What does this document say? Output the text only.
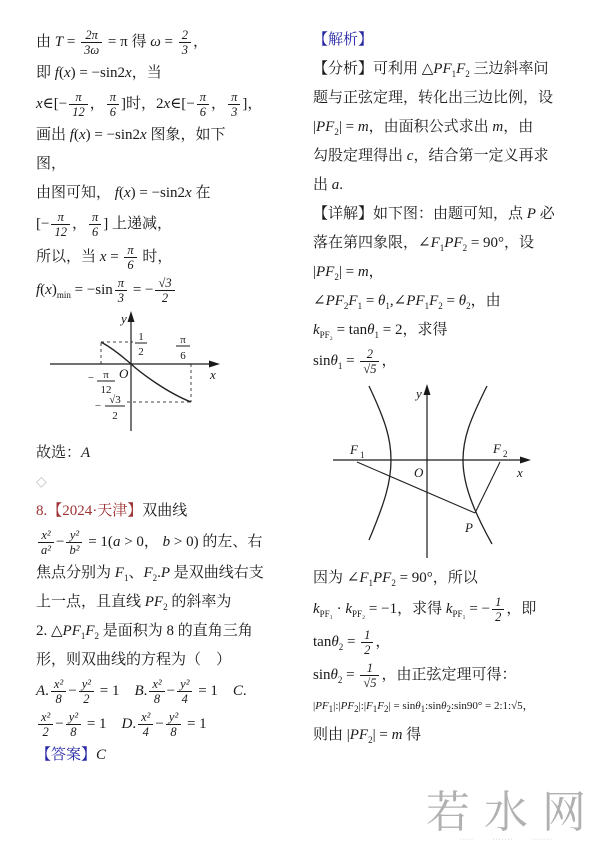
由 $T = \frac{2\pi}{3\omega} = \pi$ 得 $\omega = \frac{2}{3}$ ，
即 f(x) = −sin2x，当
x∈[− $\frac{\pi}{12}$ ， $\frac{\pi}{6}$ ]时，2x∈[− $\frac{\pi}{6}$ ， $\frac{\pi}{3}$ ]，
画出 f(x) = −sin2x 图象，如下
图，
由图可知， f(x) = −sin2x 在
[− $\frac{\pi}{12}$ ， $\frac{\pi}{6}$ ] 上递减，
所以，当 $x = \frac{\pi}{6}$ 时，
$f(x)_{min} = -\sin \frac{\pi}{3}$ = − $\frac{√3}{2}$
y
x
O
1
2
π
6
− π
12
− √3
2
故选：A
◇
8.【2024·天津】双曲线
$\frac{\text{x²}}{\text{a²}} - \frac{\text{y²}}{\text{b²}} = 1(a > 0$， b > 0) 的左、右
焦点分别为 $F_1$、$F_2.P$ 是双曲线右支
上一点，且直线 $PF_2$ 的斜率为
2. $\triangle PF_1F_2$ 是面积为 8 的直角三角
形，则双曲线的方程为（　）
A. $\frac{\text{x²}}{8} - \frac{\text{y²}}{2} = 1$　B. $\frac{\text{x²}}{8} - \frac{\text{y²}}{4} = 1$　C.
$\frac{\text{x²}}{2} - \frac{\text{y²}}{8} = 1$　D. $\frac{\text{x²}}{4} - \frac{\text{y²}}{8} = 1$
【答案】C
【解析】
【分析】可利用 $\triangle PF_1F_2$ 三边斜率问
题与正弦定理，转化出三边比例，设
$|PF_2| = m$，由面积公式求出 m，由
勾股定理得出 c，结合第一定义再求
出 a.
【详解】如下图：由题可知，点 P 必
落在第四象限，$\angle F_1PF_2 = 90^\circ$，设
$|PF_2| = m$，
$\angle PF_2F_1$ = $\theta_1,\angle PF_1F_2 = \theta_2$，由
$k_{PF_2} = \tan\theta_1 = 2$，求得
$\sin\theta_1 = \frac{2}{√5}$ ，
y
x
O
F 1	F 2
P
因为 $\angle F_1PF_2 = 90^\circ$，所以
$k_{PF_1} \cdot k_{PF_2} = -1$，求得 $k_{PF_1}$ = − $\frac{1}{2}$ ，即
$\tan\theta_2 = \frac{1}{2}$ ，
$\sin\theta_2 = \frac{1}{√5}$ ，由正弦定理可得：
$|PF_1|:|PF_2|:|F_1F_2|$ = sinθ$_1$:sinθ$_2$:sin90° = 2:1:√5，
则由 $|PF_2| = m$ 得
若水网
····· ······· ·······
